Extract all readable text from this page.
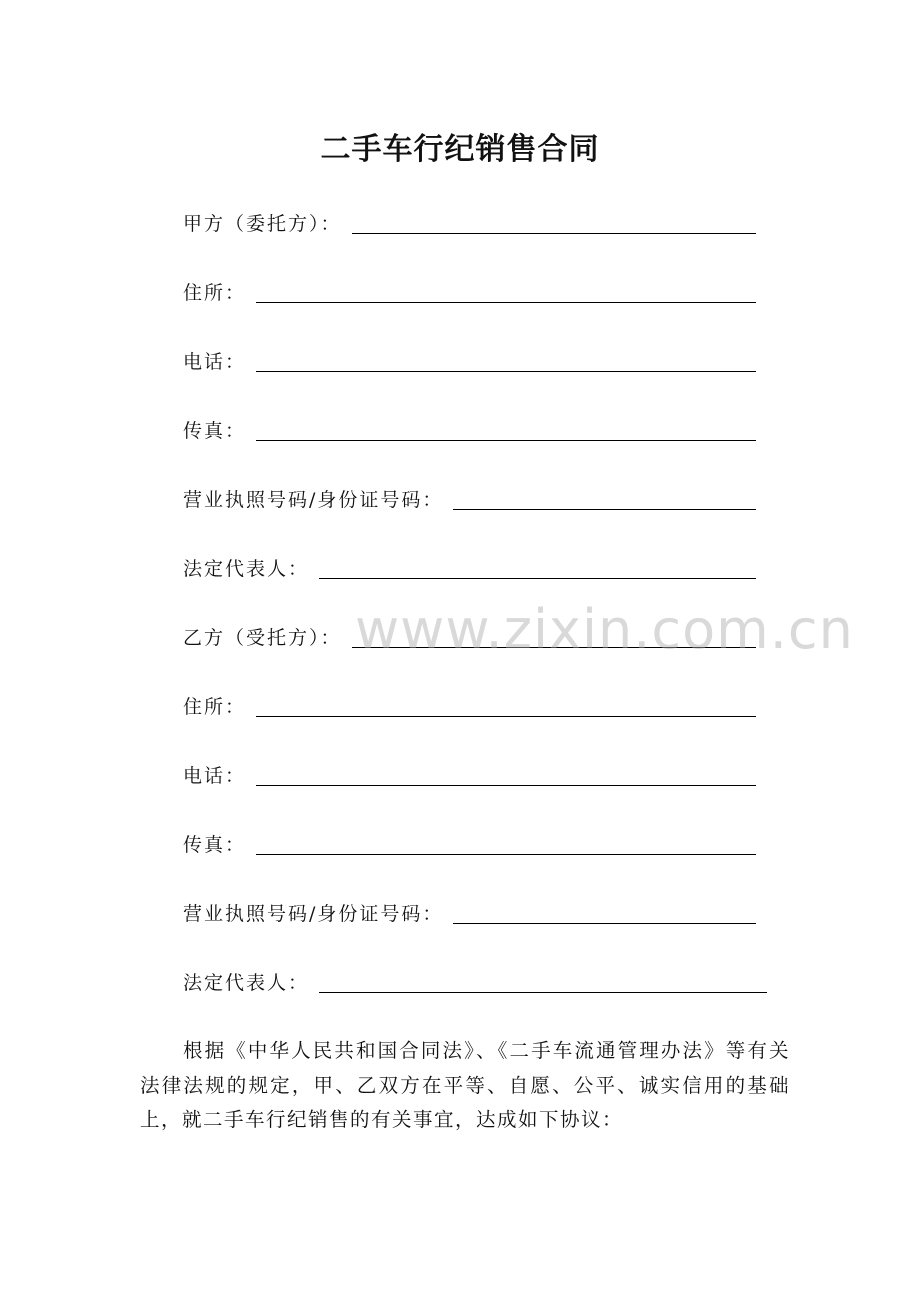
二手车行纪销售合同
甲方（委托方）：
住所：
电话：
传真：
营业执照号码/身份证号码：
法定代表人：
乙方（受托方）：
住所：
电话：
传真：
营业执照号码/身份证号码：
法定代表人：
根据《中华人民共和国合同法》、《二手车流通管理办法》等有关法律法规的规定，甲、乙双方在平等、自愿、公平、诚实信用的基础上，就二手车行纪销售的有关事宜，达成如下协议：
www.zixin.com.cn
